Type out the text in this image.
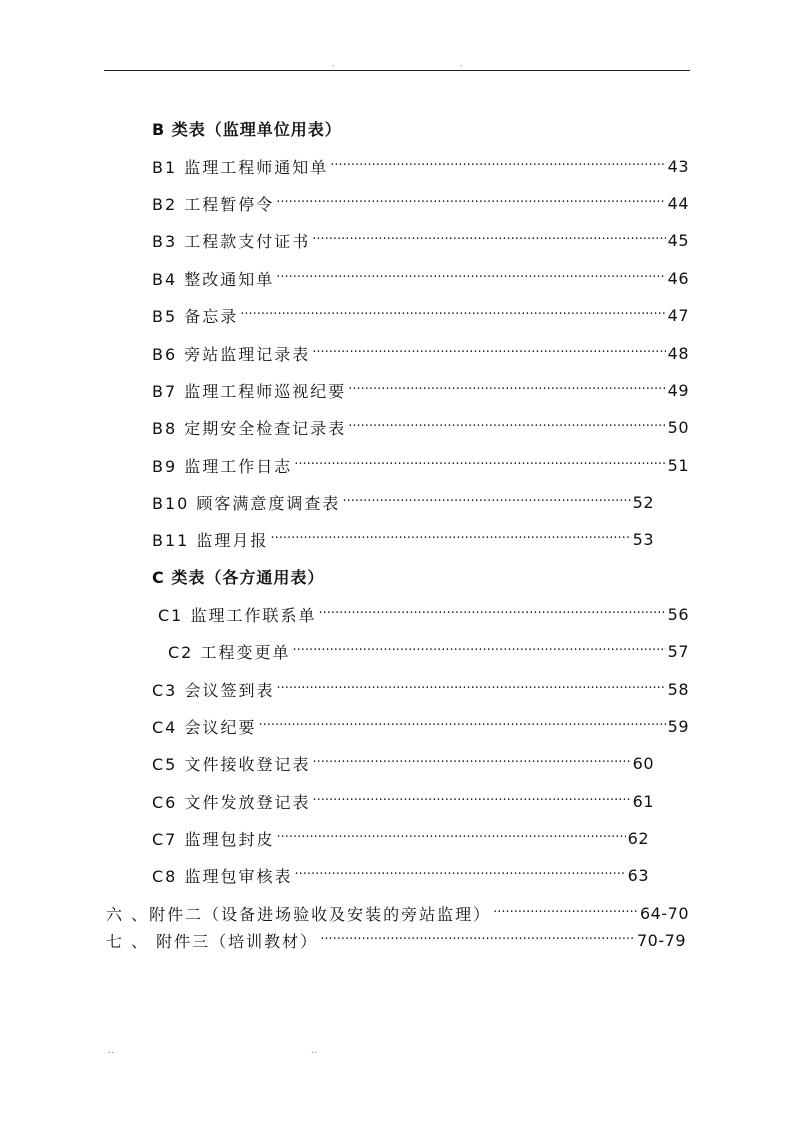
·	·
B 类表（监理单位用表）
B1 监理工程师通知单 ·····	43
B2 工程暂停令 ·····	44
B3 工程款支付证书 ·····	45
B4 整改通知单 ·····	46
B5 备忘录 ·····	47
B6 旁站监理记录表 ·····	48
B7 监理工程师巡视纪要 ·····	49
B8 定期安全检查记录表 ·····	50
B9 监理工作日志 ·····	51
B10 顾客满意度调查表 ·····	52
B11 监理月报 ·····	53
C 类表（各方通用表）
C1 监理工作联系单 ·····	56
C2 工程变更单 ·····	57
C3 会议签到表 ·····	58
C4 会议纪要 ·····	59
C5 文件接收登记表 ·····	60
C6 文件发放登记表 ·····	61
C7 监理包封皮 ·····	62
C8 监理包审核表 ·····	63
六 、附件二（设备进场验收及安装的旁站监理） ·····	64-70
七 、 附件三（培训教材） ·····	70-79
..	..
